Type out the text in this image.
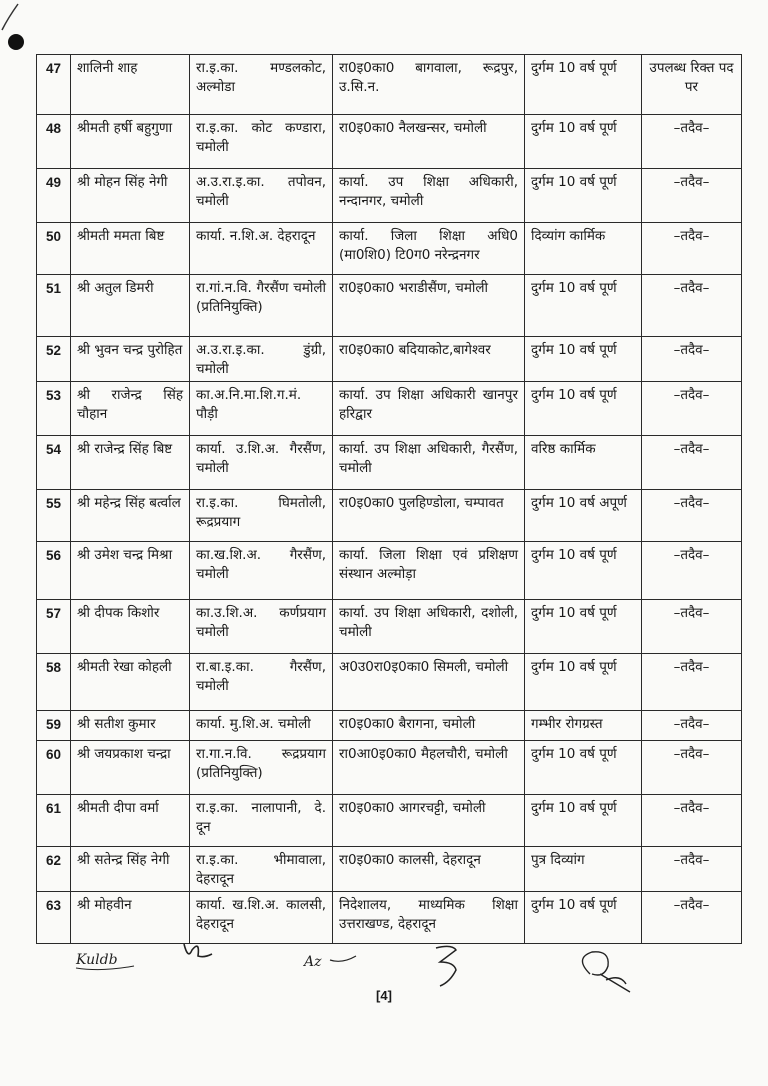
47	शालिनी शाह	रा.इ.का. मण्डलकोट, अल्मोडा	रा0इ0का0 बागवाला, रूद्रपुर, उ.सि.न.	दुर्गम 10 वर्ष पूर्ण	उपलब्ध रिक्त पद पर
48	श्रीमती हर्षी बहुगुणा	रा.इ.का. कोट कण्डारा, चमोली	रा0इ0का0 नैलखन्सर, चमोली	दुर्गम 10 वर्ष पूर्ण	–तदैव–
49	श्री मोहन सिंह नेगी	अ.उ.रा.इ.का. तपोवन, चमोली	कार्या. उप शिक्षा अधिकारी, नन्दानगर, चमोली	दुर्गम 10 वर्ष पूर्ण	–तदैव–
50	श्रीमती ममता बिष्ट	कार्या. न.शि.अ. देहरादून	कार्या. जिला शिक्षा अधि0 (मा0शि0) टि0ग0 नरेन्द्रनगर	दिव्यांग कार्मिक	–तदैव–
51	श्री अतुल डिमरी	रा.गां.न.वि. गैरसैंण चमोली (प्रतिनियुक्ति)	रा0इ0का0 भराडीसैंण, चमोली	दुर्गम 10 वर्ष पूर्ण	–तदैव–
52	श्री भुवन चन्द्र पुरोहित	अ.उ.रा.इ.का. डुंग्री, चमोली	रा0इ0का0 बदियाकोट,बागेश्वर	दुर्गम 10 वर्ष पूर्ण	–तदैव–
53	श्री राजेन्द्र सिंह चौहान	का.अ.नि.मा.शि.ग.मं. पौड़ी	कार्या. उप शिक्षा अधिकारी खानपुर हरिद्वार	दुर्गम 10 वर्ष पूर्ण	–तदैव–
54	श्री राजेन्द्र सिंह बिष्ट	कार्या. उ.शि.अ. गैरसैंण, चमोली	कार्या. उप शिक्षा अधिकारी, गैरसैंण, चमोली	वरिष्ठ कार्मिक	–तदैव–
55	श्री महेन्द्र सिंह बर्त्वाल	रा.इ.का. घिमतोली, रूद्रप्रयाग	रा0इ0का0 पुलहिण्डोला, चम्पावत	दुर्गम 10 वर्ष अपूर्ण	–तदैव–
56	श्री उमेश चन्द्र मिश्रा	का.ख.शि.अ. गैरसैंण, चमोली	कार्या. जिला शिक्षा एवं प्रशिक्षण संस्थान अल्मोड़ा	दुर्गम 10 वर्ष पूर्ण	–तदैव–
57	श्री दीपक किशोर	का.उ.शि.अ. कर्णप्रयाग चमोली	कार्या. उप शिक्षा अधिकारी, दशोली, चमोली	दुर्गम 10 वर्ष पूर्ण	–तदैव–
58	श्रीमती रेखा कोहली	रा.बा.इ.का. गैरसैंण, चमोली	अ0उ0रा0इ0का0 सिमली, चमोली	दुर्गम 10 वर्ष पूर्ण	–तदैव–
59	श्री सतीश कुमार	कार्या. मु.शि.अ. चमोली	रा0इ0का0 बैरागना, चमोली	गम्भीर रोगग्रस्त	–तदैव–
60	श्री जयप्रकाश चन्द्रा	रा.गा.न.वि. रूद्रप्रयाग (प्रतिनियुक्ति)	रा0आ0इ0का0 मैहलचौरी, चमोली	दुर्गम 10 वर्ष पूर्ण	–तदैव–
61	श्रीमती दीपा वर्मा	रा.इ.का. नालापानी, दे. दून	रा0इ0का0 आगरचट्टी, चमोली	दुर्गम 10 वर्ष पूर्ण	–तदैव–
62	श्री सतेन्द्र सिंह नेगी	रा.इ.का. भीमावाला, देहरादून	रा0इ0का0 कालसी, देहरादून	पुत्र दिव्यांग	–तदैव–
63	श्री मोहवीन	कार्या. ख.शि.अ. कालसी, देहरादून	निदेशालय, माध्यमिक शिक्षा उत्तराखण्ड, देहरादून	दुर्गम 10 वर्ष पूर्ण	–तदैव–
Kuldb	Az
[4]
